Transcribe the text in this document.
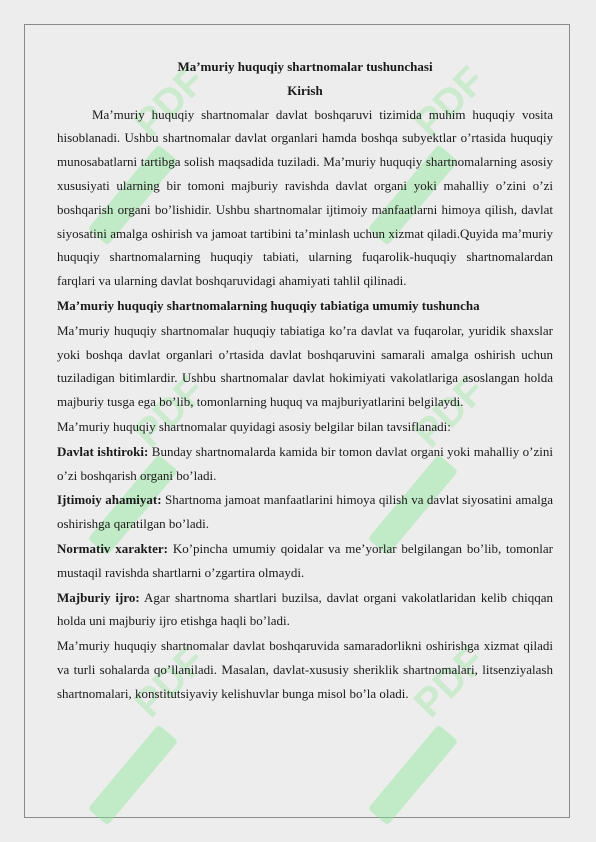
PDF	PDF
PDF	PDF
PDF	PDF

Ma’muriy huquqiy shartnomalar tushunchasi

Kirish

Ma’muriy huquqiy shartnomalar davlat boshqaruvi tizimida muhim huquqiy vosita hisoblanadi. Ushbu shartnomalar davlat organlari hamda boshqa subyektlar o’rtasida huquqiy munosabatlarni tartibga solish maqsadida tuziladi. Ma’muriy huquqiy shartnomalarning asosiy xususiyati ularning bir tomoni majburiy ravishda davlat organi yoki mahalliy o’zini o’zi boshqarish organi bo’lishidir. Ushbu shartnomalar ijtimoiy manfaatlarni himoya qilish, davlat siyosatini amalga oshirish va jamoat tartibini ta’minlash uchun xizmat qiladi.Quyida ma’muriy huquqiy shartnomalarning huquqiy tabiati, ularning fuqarolik-huquqiy shartnomalardan farqlari va ularning davlat boshqaruvidagi ahamiyati tahlil qilinadi.

Ma’muriy huquqiy shartnomalarning huquqiy tabiatiga umumiy tushuncha

Ma’muriy huquqiy shartnomalar huquqiy tabiatiga ko’ra davlat va fuqarolar, yuridik shaxslar yoki boshqa davlat organlari o’rtasida davlat boshqaruvini samarali amalga oshirish uchun tuziladigan bitimlardir. Ushbu shartnomalar davlat hokimiyati vakolatlariga asoslangan holda majburiy tusga ega bo’lib, tomonlarning huquq va majburiyatlarini belgilaydi.

Ma’muriy huquqiy shartnomalar quyidagi asosiy belgilar bilan tavsiflanadi:

Davlat ishtiroki: Bunday shartnomalarda kamida bir tomon davlat organi yoki mahalliy o’zini o’zi boshqarish organi bo’ladi.

Ijtimoiy ahamiyat: Shartnoma jamoat manfaatlarini himoya qilish va davlat siyosatini amalga oshirishga qaratilgan bo’ladi.

Normativ xarakter: Ko’pincha umumiy qoidalar va me’yorlar belgilangan bo’lib, tomonlar mustaqil ravishda shartlarni o’zgartira olmaydi.

Majburiy ijro: Agar shartnoma shartlari buzilsa, davlat organi vakolatlaridan kelib chiqqan holda uni majburiy ijro etishga haqli bo’ladi.

Ma’muriy huquqiy shartnomalar davlat boshqaruvida samaradorlikni oshirishga xizmat qiladi va turli sohalarda qo’llaniladi. Masalan, davlat-xususiy sheriklik shartnomalari, litsenziyalash shartnomalari, konstitutsiyaviy kelishuvlar bunga misol bo’la oladi.
